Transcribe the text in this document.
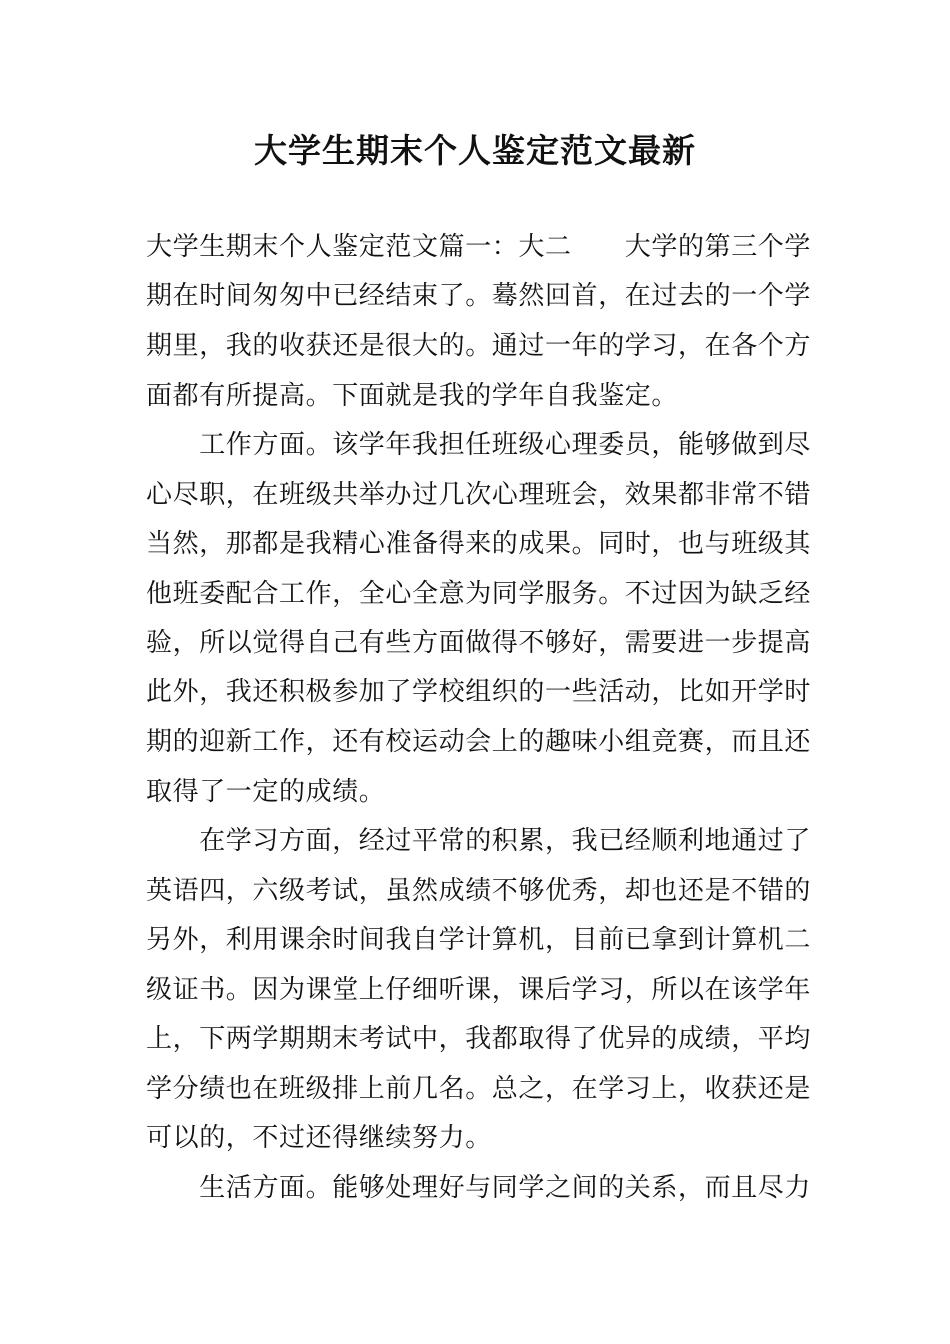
大学生期末个人鉴定范文最新
大学生期末个人鉴定范文篇一：大二　　大学的第三个学
期在时间匆匆中已经结束了。蓦然回首，在过去的一个学
期里，我的收获还是很大的。通过一年的学习，在各个方
面都有所提高。下面就是我的学年自我鉴定。
　　工作方面。该学年我担任班级心理委员，能够做到尽
心尽职，在班级共举办过几次心理班会，效果都非常不错
当然，那都是我精心准备得来的成果。同时，也与班级其
他班委配合工作，全心全意为同学服务。不过因为缺乏经
验，所以觉得自己有些方面做得不够好，需要进一步提高
此外，我还积极参加了学校组织的一些活动，比如开学时
期的迎新工作，还有校运动会上的趣味小组竞赛，而且还
取得了一定的成绩。
　　在学习方面，经过平常的积累，我已经顺利地通过了
英语四，六级考试，虽然成绩不够优秀，却也还是不错的
另外，利用课余时间我自学计算机，目前已拿到计算机二
级证书。因为课堂上仔细听课，课后学习，所以在该学年
上，下两学期期末考试中，我都取得了优异的成绩，平均
学分绩也在班级排上前几名。总之，在学习上，收获还是
可以的，不过还得继续努力。
　　生活方面。能够处理好与同学之间的关系，而且尽力
